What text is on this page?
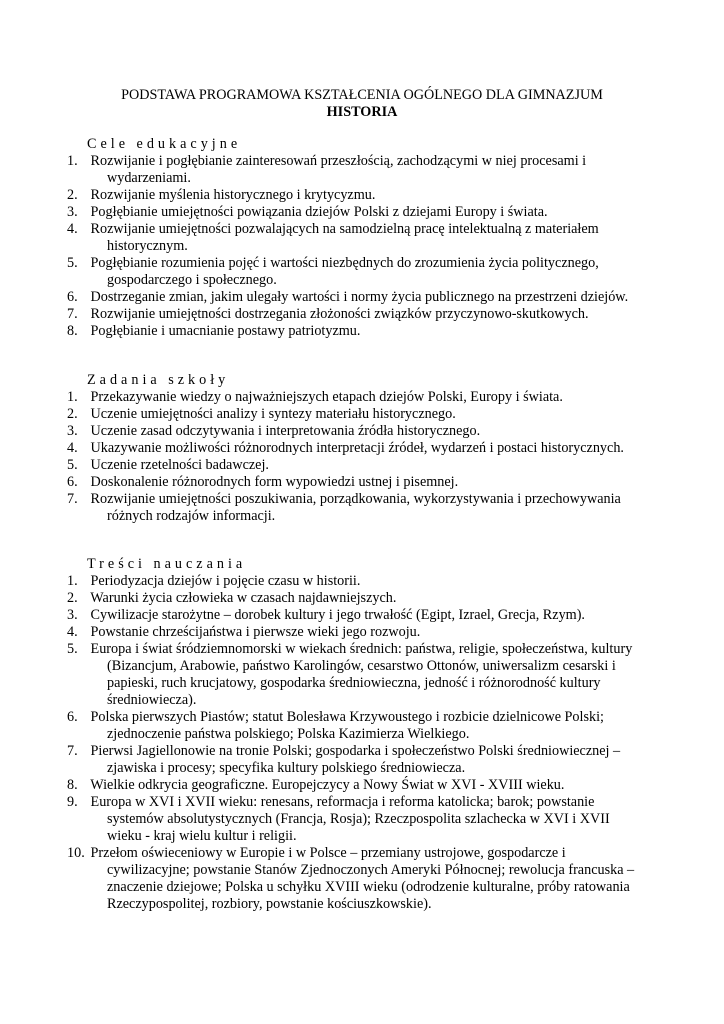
PODSTAWA PROGRAMOWA KSZTAŁCENIA OGÓLNEGO DLA GIMNAZJUM
HISTORIA
Cele edukacyjne
1. Rozwijanie i pogłębianie zainteresowań przeszłością, zachodzącymi w niej procesami i wydarzeniami.
2. Rozwijanie myślenia historycznego i krytycyzmu.
3. Pogłębianie umiejętności powiązania dziejów Polski z dziejami Europy i świata.
4. Rozwijanie umiejętności pozwalających na samodzielną pracę intelektualną z materiałem historycznym.
5. Pogłębianie rozumienia pojęć i wartości niezbędnych do zrozumienia życia politycznego, gospodarczego i społecznego.
6. Dostrzeganie zmian, jakim ulegały wartości i normy życia publicznego na przestrzeni dziejów.
7. Rozwijanie umiejętności dostrzegania złożoności związków przyczynowo-skutkowych.
8. Pogłębianie i umacnianie postawy patriotyzmu.
Zadania szkoły
1. Przekazywanie wiedzy o najważniejszych etapach dziejów Polski, Europy i świata.
2. Uczenie umiejętności analizy i syntezy materiału historycznego.
3. Uczenie zasad odczytywania i interpretowania źródła historycznego.
4. Ukazywanie możliwości różnorodnych interpretacji źródeł, wydarzeń i postaci historycznych.
5. Uczenie rzetelności badawczej.
6. Doskonalenie różnorodnych form wypowiedzi ustnej i pisemnej.
7. Rozwijanie umiejętności poszukiwania, porządkowania, wykorzystywania i przechowywania różnych rodzajów informacji.
Treści nauczania
1. Periodyzacja dziejów i pojęcie czasu w historii.
2. Warunki życia człowieka w czasach najdawniejszych.
3. Cywilizacje starożytne – dorobek kultury i jego trwałość (Egipt, Izrael, Grecja, Rzym).
4. Powstanie chrześcijaństwa i pierwsze wieki jego rozwoju.
5. Europa i świat śródziemnomorski w wiekach średnich: państwa, religie, społeczeństwa, kultury (Bizancjum, Arabowie, państwo Karolingów, cesarstwo Ottonów, uniwersalizm cesarski i papieski, ruch krucjatowy, gospodarka średniowieczna, jedność i różnorodność kultury średniowiecza).
6. Polska pierwszych Piastów; statut Bolesława Krzywoustego i rozbicie dzielnicowe Polski; zjednoczenie państwa polskiego; Polska Kazimierza Wielkiego.
7. Pierwsi Jagiellonowie na tronie Polski; gospodarka i społeczeństwo Polski średniowiecznej – zjawiska i procesy; specyfika kultury polskiego średniowiecza.
8. Wielkie odkrycia geograficzne. Europejczycy a Nowy Świat w XVI - XVIII wieku.
9. Europa w XVI i XVII wieku: renesans, reformacja i reforma katolicka; barok; powstanie systemów absolutystycznych (Francja, Rosja); Rzeczpospolita szlachecka w XVI i XVII wieku - kraj wielu kultur i religii.
10. Przełom oświeceniowy w Europie i w Polsce – przemiany ustrojowe, gospodarcze i cywilizacyjne; powstanie Stanów Zjednoczonych Ameryki Północnej; rewolucja francuska – znaczenie dziejowe; Polska u schyłku XVIII wieku (odrodzenie kulturalne, próby ratowania Rzeczypospolitej, rozbiory, powstanie kościuszkowskie).
